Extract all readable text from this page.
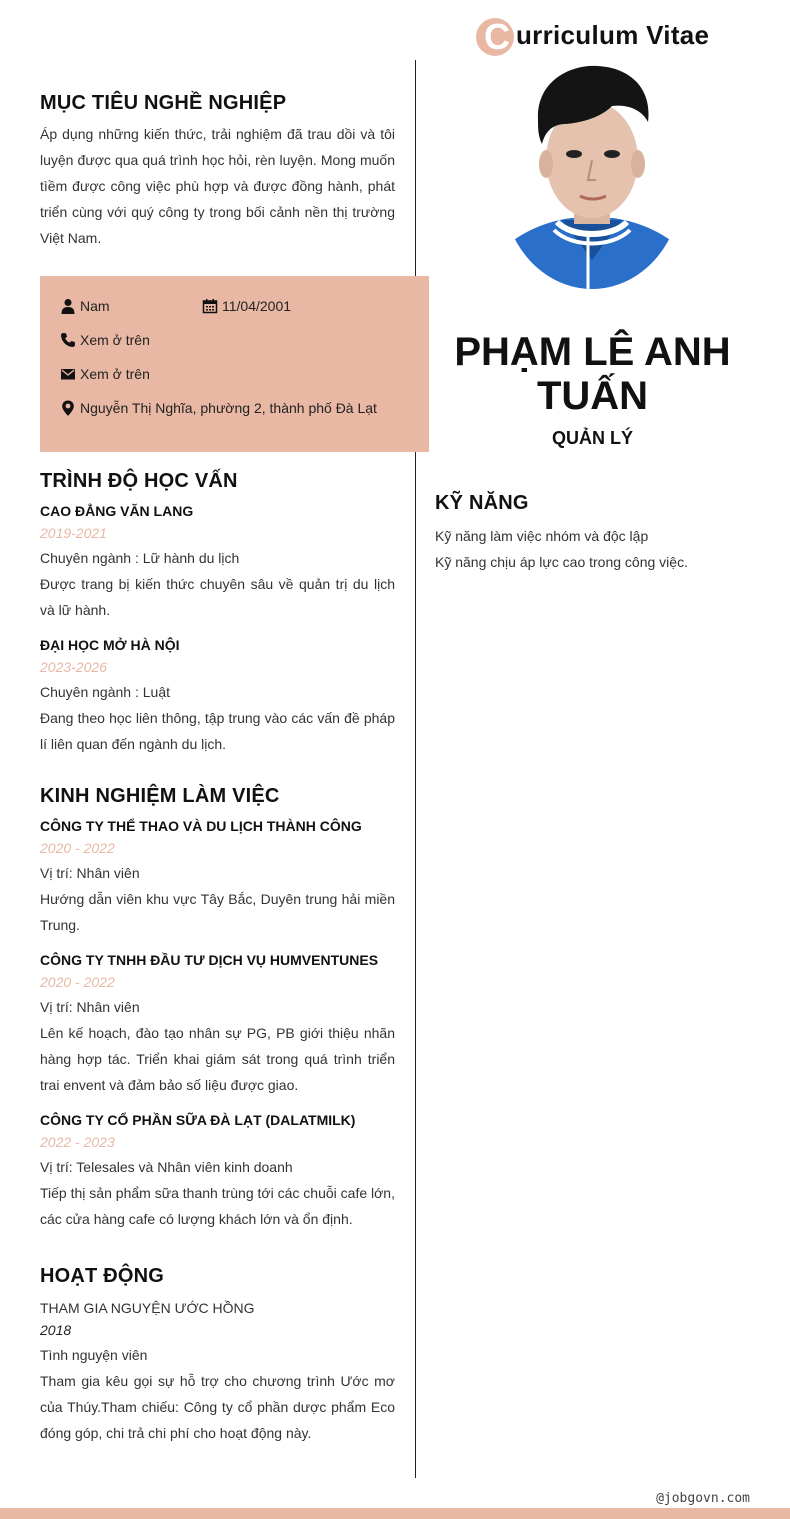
C urriculum Vitae
MỤC TIÊU NGHỀ NGHIỆP

Áp dụng những kiến thức, trải nghiệm đã trau dồi và tôi luyện được qua quá trình học hỏi, rèn luyện. Mong muốn tìềm được công việc phù hợp và được đồng hành, phát triển cùng với quý công ty trong bối cảnh nền thị trường Việt Nam.

Nam	11/04/2001
Xem ở trên
Xem ở trên
Nguyễn Thị Nghĩa, phường 2, thành phố Đà Lạt
TRÌNH ĐỘ HỌC VẤN
CAO ĐẲNG VĂN LANG
2019-2021
Chuyên ngành : Lữ hành du lịch
Được trang bị kiến thức chuyên sâu về quản trị du lịch và lữ hành.
ĐẠI HỌC MỞ HÀ NỘI
2023-2026
Chuyên ngành : Luật
Đang theo học liên thông, tập trung vào các vấn đề pháp lí liên quan đến ngành du lịch.
KINH NGHIỆM LÀM VIỆC
CÔNG TY THỂ THAO VÀ DU LỊCH THÀNH CÔNG
2020 - 2022
Vị trí: Nhân viên
Hướng dẫn viên khu vực Tây Bắc, Duyên trung hải miền Trung.
CÔNG TY TNHH ĐẦU TƯ DỊCH VỤ HUMVENTUNES
2020 - 2022
Vị trí: Nhân viên
Lên kế hoạch, đào tạo nhân sự PG, PB giới thiệu nhãn hàng hợp tác. Triển khai giám sát trong quá trình triển trai envent và đảm bảo số liệu được giao.
CÔNG TY CỔ PHẦN SỮA ĐÀ LẠT (DALATMILK)
2022 - 2023
Vị trí: Telesales và Nhân viên kinh doanh
Tiếp thị sản phẩm sữa thanh trùng tới các chuỗi cafe lớn, các cửa hàng cafe có lượng khách lớn và ổn định.
HOẠT ĐỘNG
THAM GIA NGUYỆN ƯỚC HỒNG
2018
Tình nguyện viên
Tham gia kêu gọi sự hỗ trợ cho chương trình Ước mơ của Thúy.Tham chiếu: Công ty cổ phần dược phẩm Eco đóng góp, chi trả chi phí cho hoạt động này.
PHẠM LÊ ANH TUẤN
QUẢN LÝ
KỸ NĂNG
Kỹ năng làm việc nhóm và độc lập
Kỹ năng chịu áp lực cao trong công việc.
@jobgovn.com
